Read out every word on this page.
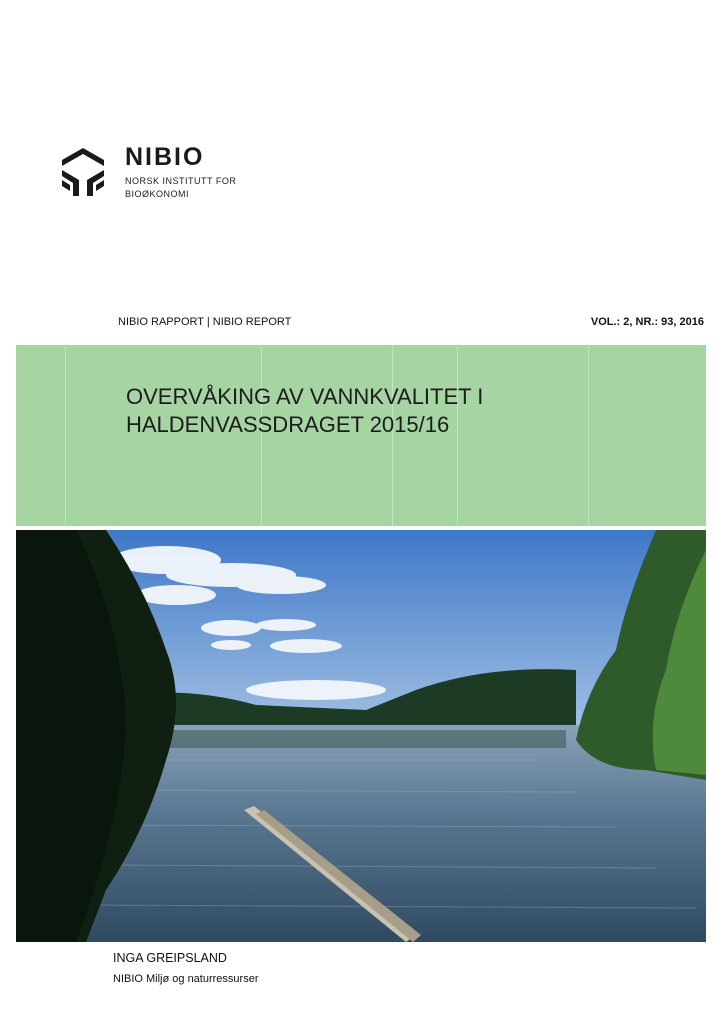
NIBIO
NORSK INSTITUTT FOR
BIOØKONOMI
NIBIO RAPPORT | NIBIO REPORT	VOL.: 2, NR.: 93, 2016
OVERVÅKING AV VANNKVALITET I
HALDENVASSDRAGET 2015/16
INGA GREIPSLAND
NIBIO Miljø og naturressurser
